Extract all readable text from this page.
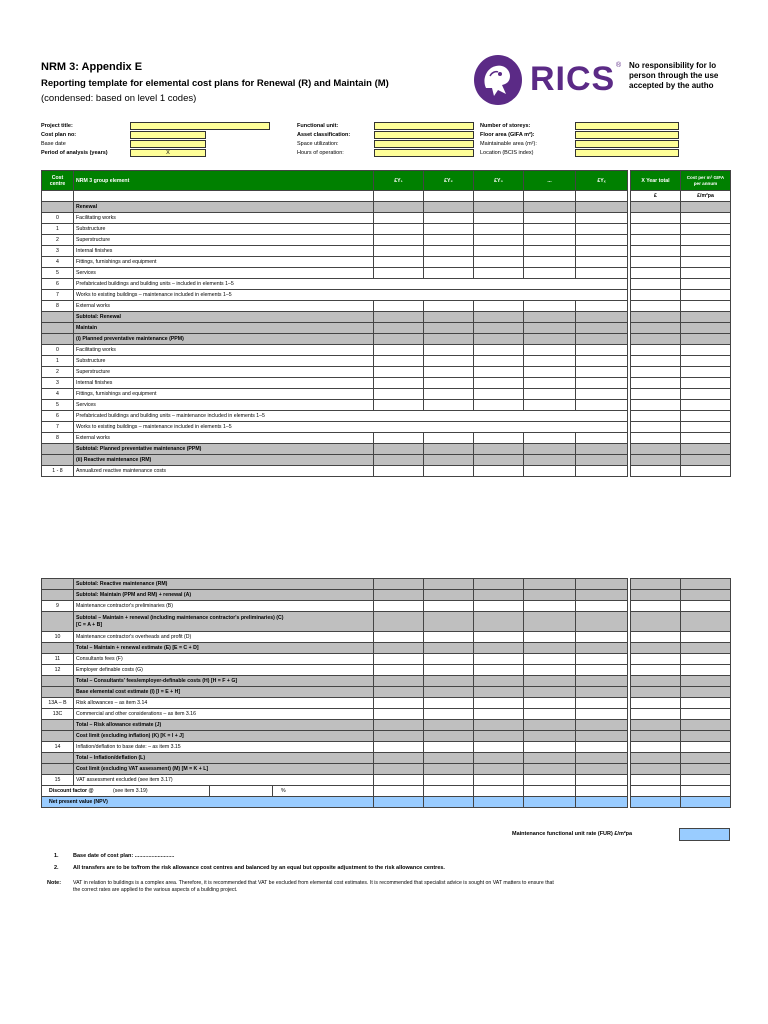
NRM 3: Appendix E
Reporting template for elemental cost plans for Renewal (R) and Maintain (M)
(condensed: based on level 1 codes)
RICS ® No responsibility for lo
person through the use
accepted by the autho
Project title:
Cost plan no:
Base date
Period of analysis (years)	X
Functional unit:
Asset classification:
Space utilization:
Hours of operation:
Number of storeys:
Floor area (GIFA m²):
Maintainable area (m²):
Location (BCIS index)
Cost centre	NRM 3 group element	£Y₁	£Y₂	£Y₃	...	£Yₓ		X Year total	Cost per m² GIFA per annum
								£	£/m²pa
	Renewal								
0	Facilitating works								
1	Substructure								
2	Superstructure								
3	Internal finishes								
4	Fittings, furnishings and equipment								
5	Services								
6	Prefabricated buildings and building units – included in elements 1–5								
7	Works to existing buildings – maintenance included in elements 1–5								
8	External works								
	Subtotal: Renewal								
	Maintain								
	(i) Planned preventative maintenance (PPM)								
0	Facilitating works								
1	Substructure								
2	Superstructure								
3	Internal finishes								
4	Fittings, furnishings and equipment								
5	Services								
6	Prefabricated buildings and building units – maintenance included in elements 1–5								
7	Works to existing buildings – maintenance included in elements 1–5								
8	External works								
	Subtotal: Planned preventative maintenance (PPM)								
	(ii) Reactive maintenance (RM)								
1 - 8	Annualized reactive maintenance costs								
	Subtotal: Reactive maintenance (RM)								
	Subtotal: Maintain (PPM and RM) + renewal (A)								
9	Maintenance contractor's preliminaries (B)								

	Subtotal – Maintain + renewal (including maintenance contractor's preliminaries) (C)
[C = A + B]								

10	Maintenance contractor's overheads and profit (D)								
	Total – Maintain + renewal estimate (E) [E = C + D]								
11	Consultants fees (F)								
12	Employer definable costs (G)								
	Total – Consultants' fees/employer-definable costs (H) [H = F + G]								
	Base elemental cost estimate (I) [I = E + H]								
13A – B	Risk allowances – as item 3.14								
13C	Commercial and other considerations – as item 3.16								
	Total – Risk allowance estimate (J)								
	Cost limit (excluding inflation) (K) [K = I + J]								
14	Inflation/deflation to base date: – as item 3.15								
	Total – Inflation/deflation (L)								
	Cost limit (excluding VAT assessment) (M) [M = K + L]								
15	VAT assessment excluded (see item 3.17)								

Discount factor @ (see item 3.19) %									

Net present value (NPV)									
Maintenance functional unit rate (FUR) £/m²pa
1.	Base date of cost plan: ..........................
2.	All transfers are to be to/from the risk allowance cost centres and balanced by an equal but opposite adjustment to the risk allowance centres.
Note: VAT in relation to buildings is a complex area. Therefore, it is recommended that VAT be excluded from elemental cost estimates. It is recommended that specialist advice is sought on VAT matters to ensure that
the correct rates are applied to the various aspects of a building project.
